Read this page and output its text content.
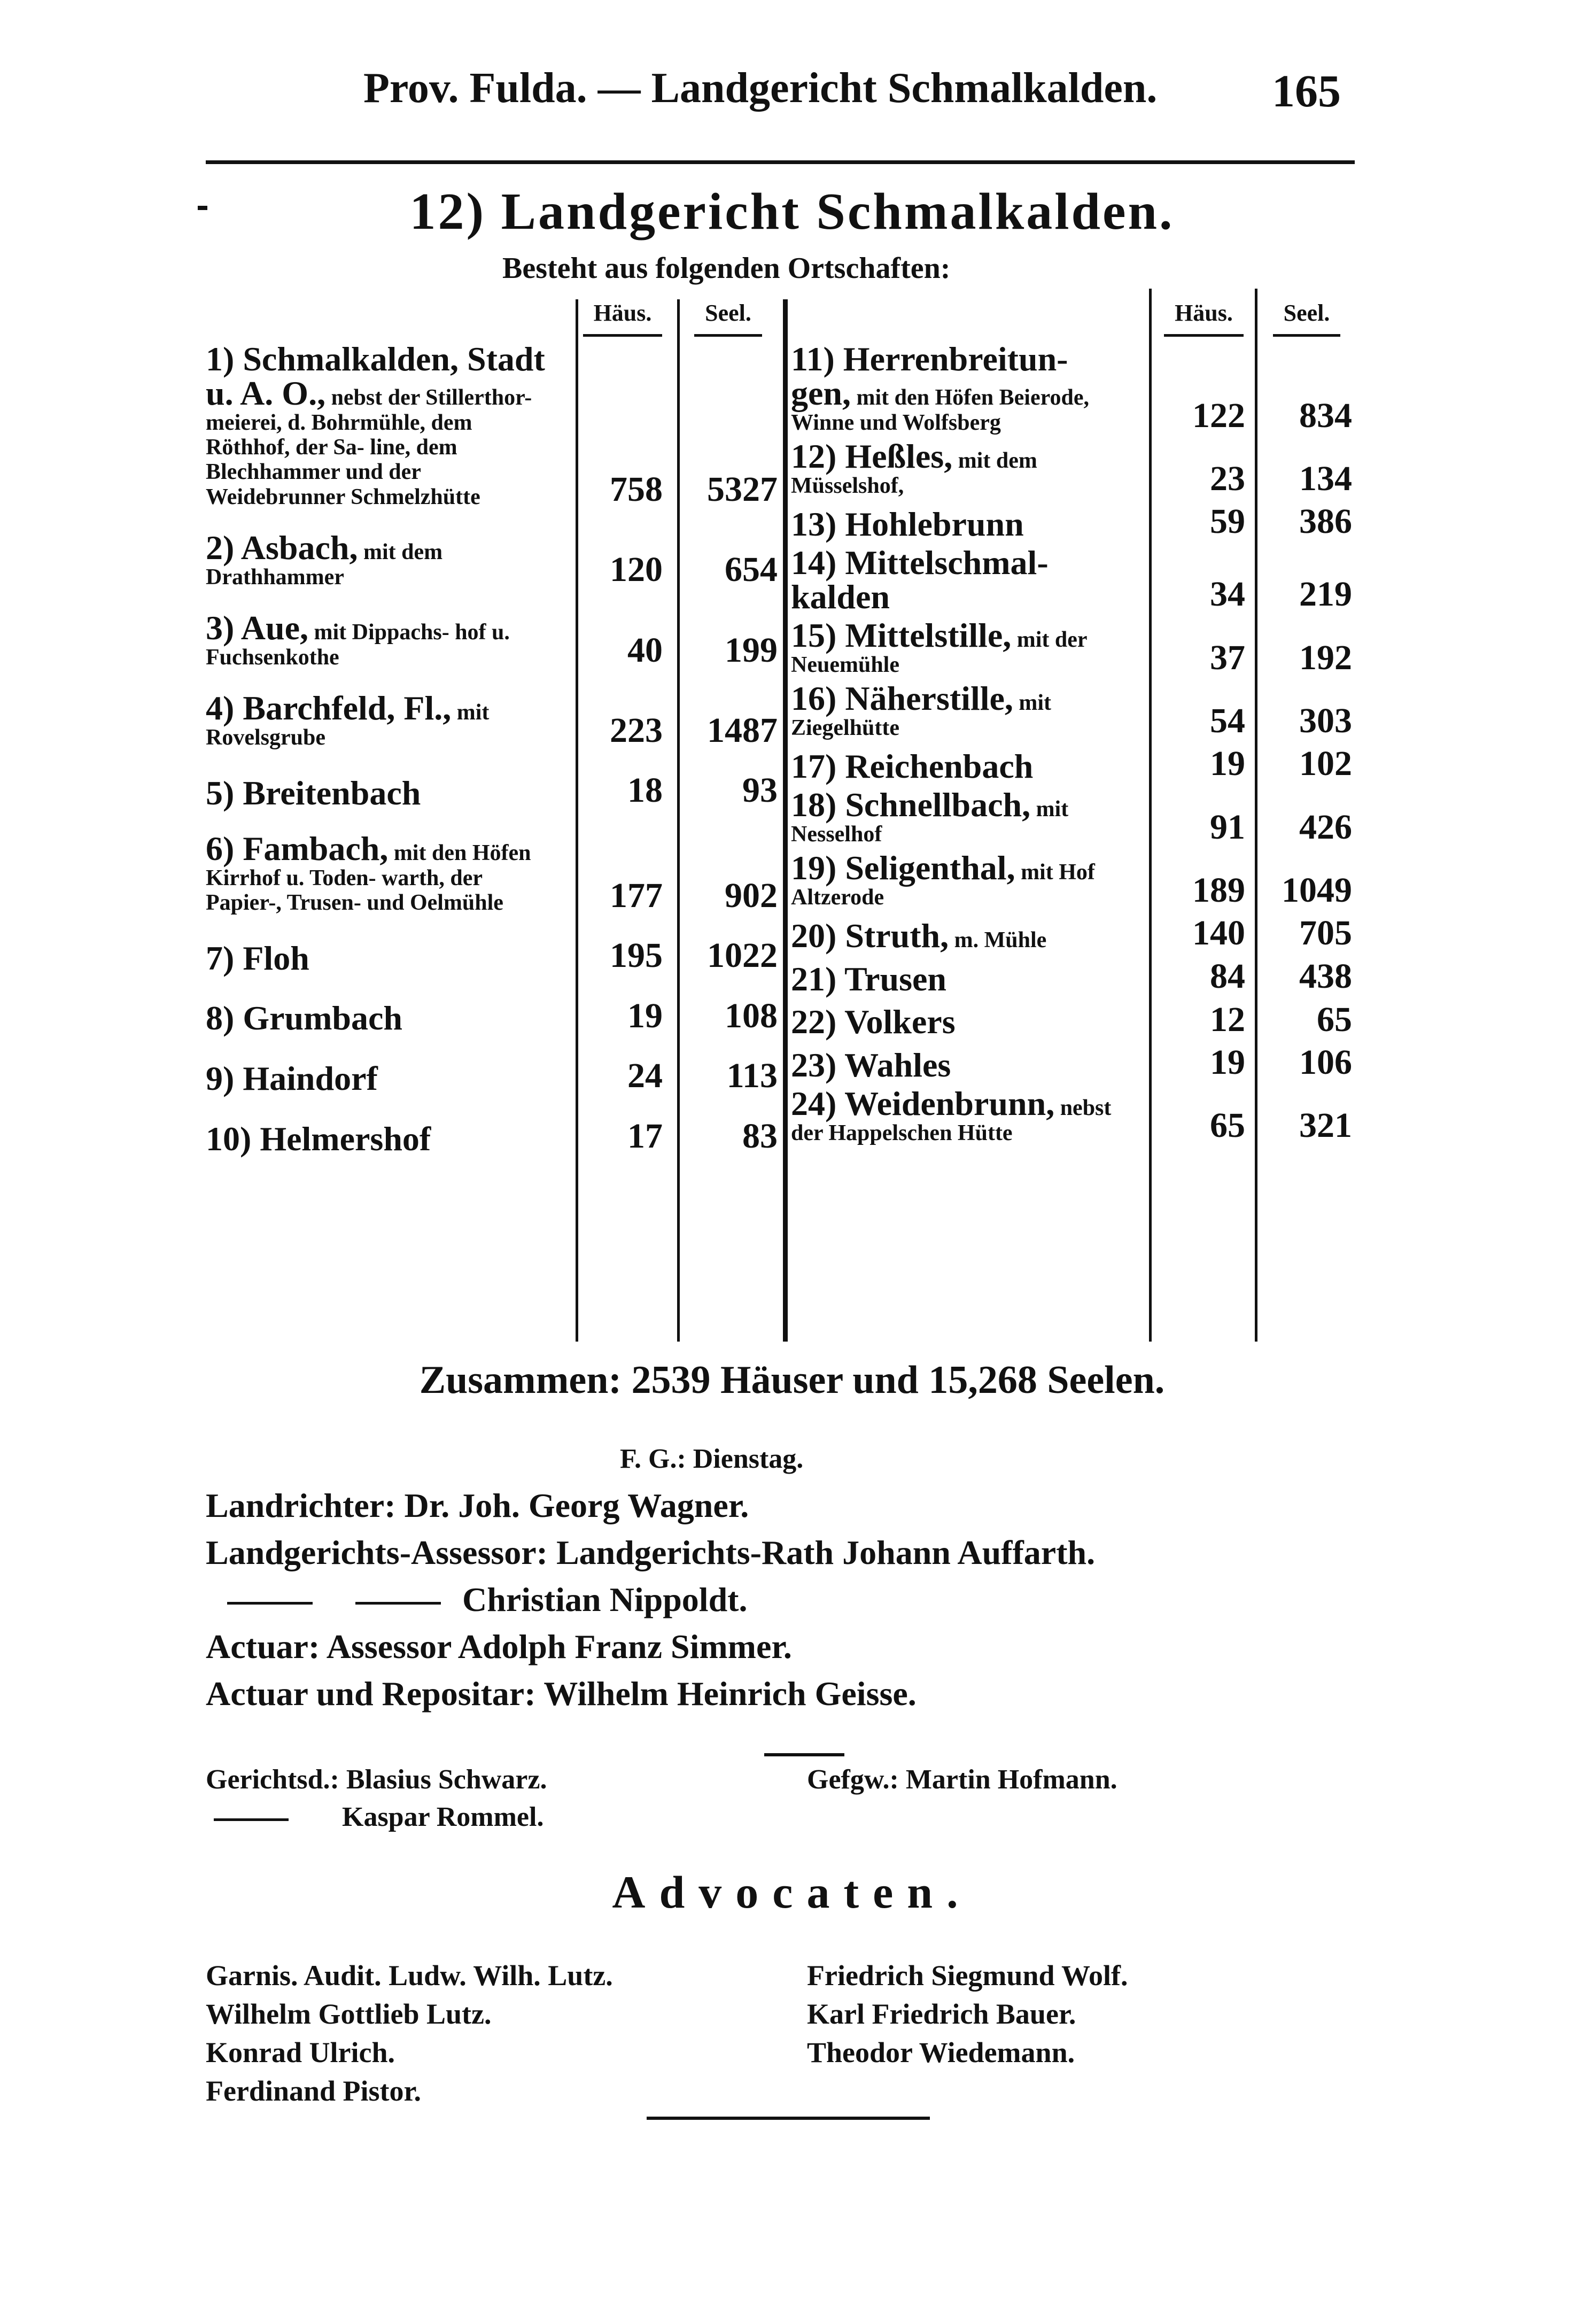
Prov. Fulda. — Landgericht Schmalkalden. 165
12) Landgericht Schmalkalden.
Besteht aus folgenden Ortschaften:
Häus.	Seel.
1) Schmalkalden, Stadt u. A. O., nebst der Stillerthor- meierei, d. Bohrmühle, dem Röthhof, der Sa- line, dem Blechhammer und der Weidebrunner Schmelzhütte	758	5327
2) Asbach, mit dem Drathhammer	120	654
3) Aue, mit Dippachs- hof u. Fuchsenkothe	40	199
4) Barchfeld, Fl., mit Rovelsgrube	223	1487
5) Breitenbach	18	93
6) Fambach, mit den Höfen Kirrhof u. Toden- warth, der Papier-, Trusen- und Oelmühle	177	902
7) Floh	195	1022
8) Grumbach	19	108
9) Haindorf	24	113
10) Helmershof	17	83
Häus.	Seel.
11) Herrenbreitun- gen, mit den Höfen Beierode, Winne und Wolfsberg	122	834
12) Heßles, mit dem Müsselshof,	23	134
13) Hohlebrunn	59	386
14) Mittelschmal- kalden	34	219
15) Mittelstille, mit der Neuemühle	37	192
16) Näherstille, mit Ziegelhütte	54	303
17) Reichenbach	19	102
18) Schnellbach, mit Nesselhof	91	426
19) Seligenthal, mit Hof Altzerode	189	1049
20) Struth, m. Mühle	140	705
21) Trusen	84	438
22) Volkers	12	65
23) Wahles	19	106
24) Weidenbrunn, nebst der Happelschen Hütte	65	321
Zusammen: 2539 Häuser und 15,268 Seelen.
F. G.: Dienstag.
Landrichter: Dr. Joh. Georg Wagner.
Landgerichts-Assessor: Landgerichts-Rath Johann Auffarth.
Christian Nippoldt.
Actuar: Assessor Adolph Franz Simmer.
Actuar und Repositar: Wilhelm Heinrich Geisse.
Gerichtsd.: Blasius Schwarz.
Kaspar Rommel.
Gefgw.: Martin Hofmann.
Advocaten.
Garnis. Audit. Ludw. Wilh. Lutz.
Wilhelm Gottlieb Lutz.
Konrad Ulrich.
Ferdinand Pistor.
Friedrich Siegmund Wolf.
Karl Friedrich Bauer.
Theodor Wiedemann.
